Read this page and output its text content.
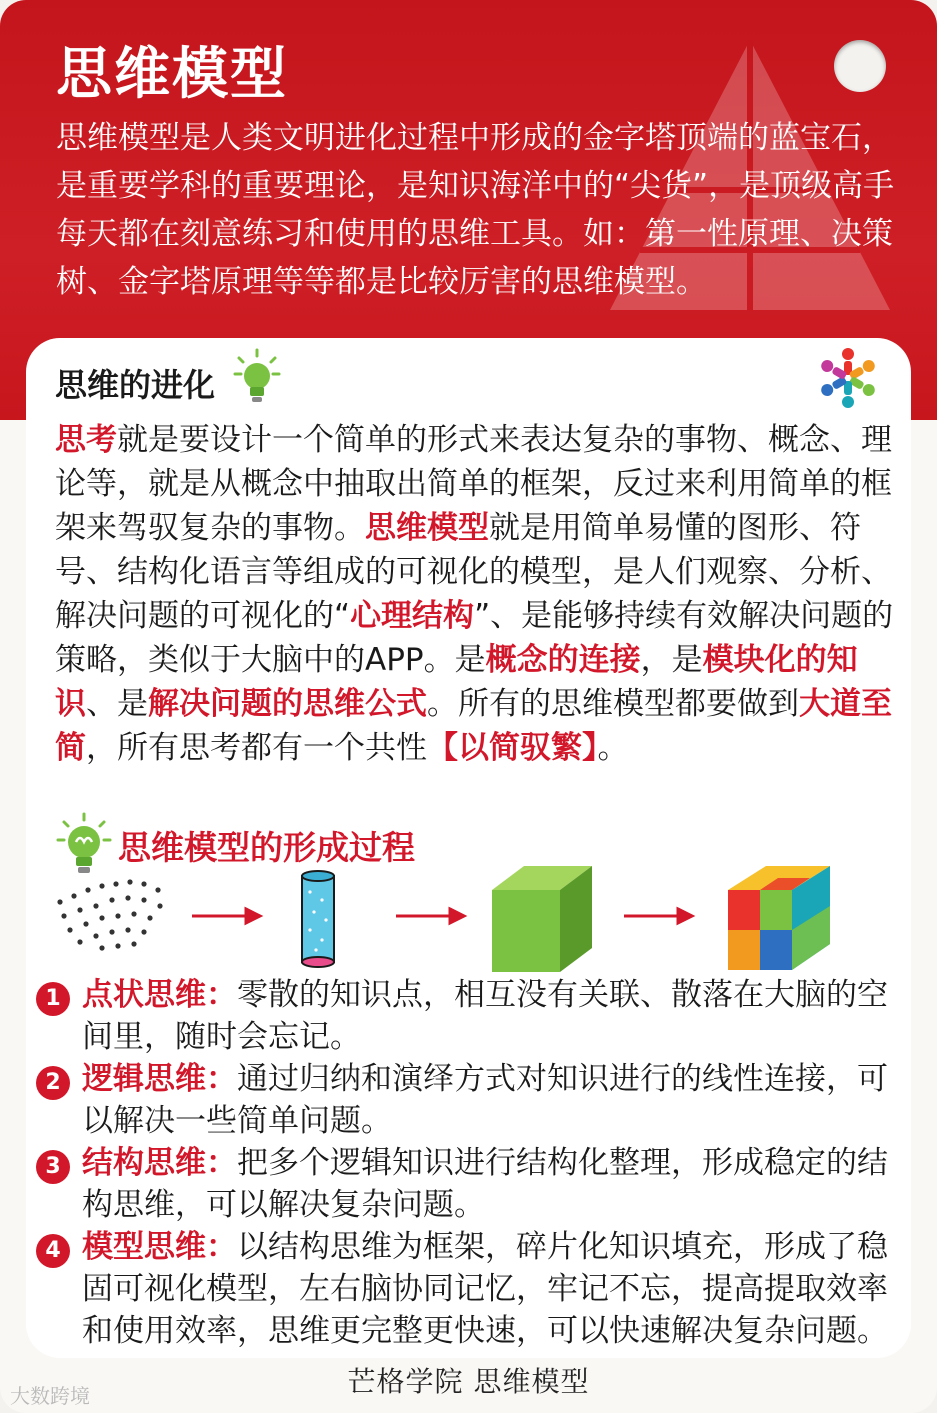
思维模型

思维模型是人类文明进化过程中形成的金字塔顶端的蓝宝石，是重要学科的重要理论，是知识海洋中的“尖货”，是顶级高手每天都在刻意练习和使用的思维工具。如：第一性原理、决策树、金字塔原理等等都是比较厉害的思维模型。

思维的进化

思考就是要设计一个简单的形式来表达复杂的事物、概念、理论等，就是从概念中抽取出简单的框架，反过来利用简单的框架来驾驭复杂的事物。思维模型就是用简单易懂的图形、符号、结构化语言等组成的可视化的模型，是人们观察、分析、解决问题的可视化的“心理结构”、是能够持续有效解决问题的策略，类似于大脑中的APP。是概念的连接，是模块化的知识、是解决问题的思维公式。所有的思维模型都要做到大道至简，所有思考都有一个共性【以简驭繁】。

思维模型的形成过程
1 点状思维：零散的知识点，相互没有关联、散落在大脑的空间里，随时会忘记。

2 逻辑思维：通过归纳和演绎方式对知识进行的线性连接，可以解决一些简单问题。

3 结构思维：把多个逻辑知识进行结构化整理，形成稳定的结构思维，可以解决复杂问题。

4 模型思维：以结构思维为框架，碎片化知识填充，形成了稳固可视化模型，左右脑协同记忆，牢记不忘，提高提取效率和使用效率，思维更完整更快速，可以快速解决复杂问题。

芒格学院 思维模型

大数跨境
